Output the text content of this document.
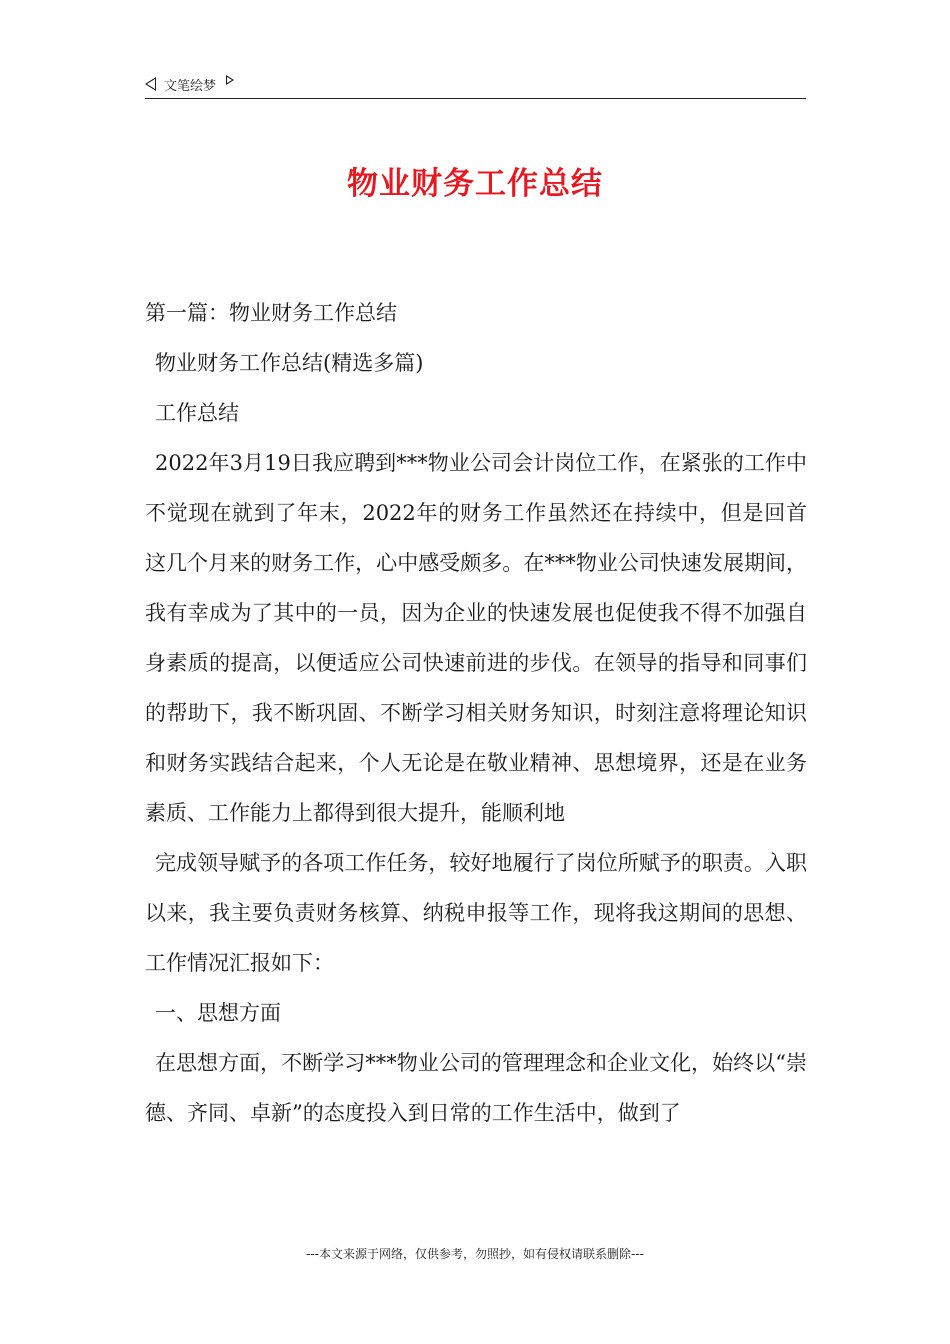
文笔绘梦
物业财务工作总结

第一篇：物业财务工作总结

物业财务工作总结(精选多篇)

工作总结

2022年3月19日我应聘到***物业公司会计岗位工作，在紧张的工作中不觉现在就到了年末，2022年的财务工作虽然还在持续中，但是回首这几个月来的财务工作，心中感受颇多。在***物业公司快速发展期间，我有幸成为了其中的一员，因为企业的快速发展也促使我不得不加强自身素质的提高，以便适应公司快速前进的步伐。在领导的指导和同事们的帮助下，我不断巩固、不断学习相关财务知识，时刻注意将理论知识和财务实践结合起来，个人无论是在敬业精神、思想境界，还是在业务素质、工作能力上都得到很大提升，能顺利地

完成领导赋予的各项工作任务，较好地履行了岗位所赋予的职责。入职以来，我主要负责财务核算、纳税申报等工作，现将我这期间的思想、工作情况汇报如下：

一、思想方面

在思想方面，不断学习***物业公司的管理理念和企业文化，始终以“崇德、齐同、卓新”的态度投入到日常的工作生活中，做到了

---本文来源于网络，仅供参考，勿照抄，如有侵权请联系删除---
